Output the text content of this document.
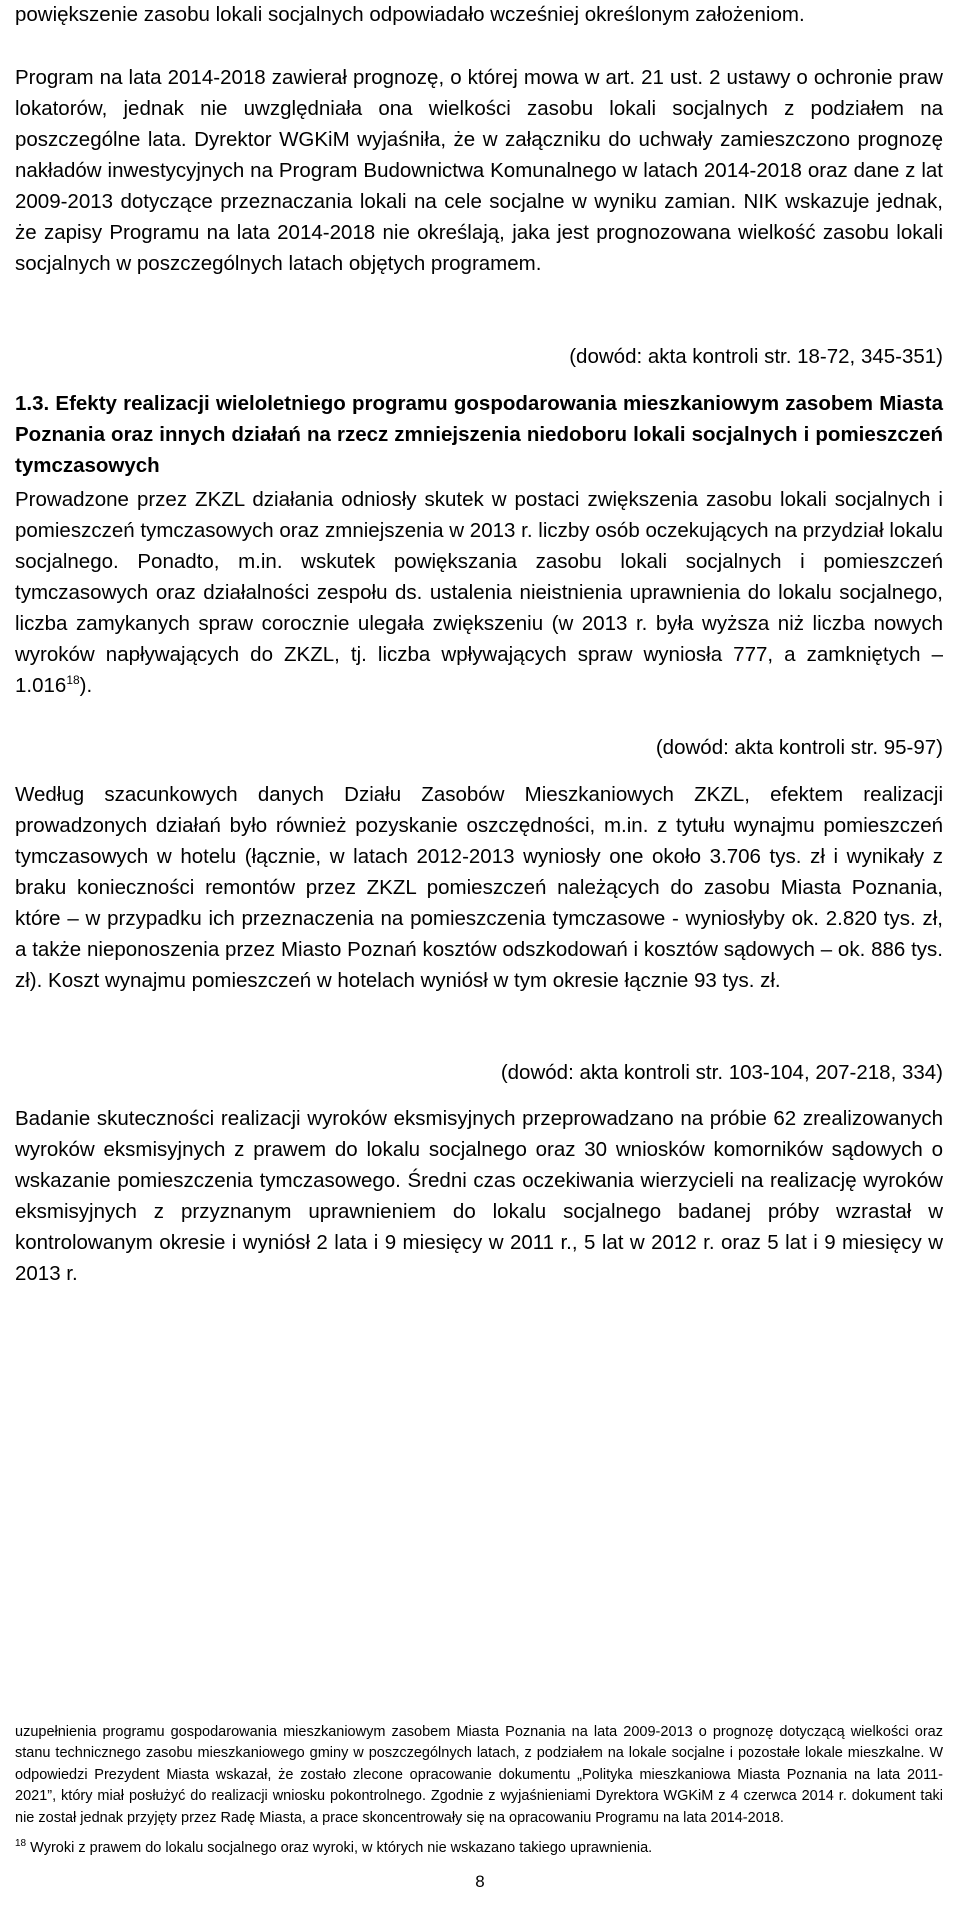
powiększenie zasobu lokali socjalnych odpowiadało wcześniej określonym założeniom.

Program na lata 2014-2018 zawierał prognozę, o której mowa w art. 21 ust. 2 ustawy o ochronie praw lokatorów, jednak nie uwzględniała ona wielkości zasobu lokali socjalnych z podziałem na poszczególne lata. Dyrektor WGKiM wyjaśniła, że w załączniku do uchwały zamieszczono prognozę nakładów inwestycyjnych na Program Budownictwa Komunalnego w latach 2014-2018 oraz dane z lat 2009-2013 dotyczące przeznaczania lokali na cele socjalne w wyniku zamian. NIK wskazuje jednak, że zapisy Programu na lata 2014-2018 nie określają, jaka jest prognozowana wielkość zasobu lokali socjalnych w poszczególnych latach objętych programem.

(dowód: akta kontroli str. 18-72, 345-351)

1.3. Efekty realizacji wieloletniego programu gospodarowania mieszkaniowym zasobem Miasta Poznania oraz innych działań na rzecz zmniejszenia niedoboru lokali socjalnych i pomieszczeń tymczasowych

Prowadzone przez ZKZL działania odniosły skutek w postaci zwiększenia zasobu lokali socjalnych i pomieszczeń tymczasowych oraz zmniejszenia w 2013 r. liczby osób oczekujących na przydział lokalu socjalnego. Ponadto, m.in. wskutek powiększania zasobu lokali socjalnych i pomieszczeń tymczasowych oraz działalności zespołu ds. ustalenia nieistnienia uprawnienia do lokalu socjalnego, liczba zamykanych spraw corocznie ulegała zwiększeniu (w 2013 r. była wyższa niż liczba nowych wyroków napływających do ZKZL, tj. liczba wpływających spraw wyniosła 777, a zamkniętych – 1.016$^{18}$).

(dowód: akta kontroli str. 95-97)

Według szacunkowych danych Działu Zasobów Mieszkaniowych ZKZL, efektem realizacji prowadzonych działań było również pozyskanie oszczędności, m.in. z tytułu wynajmu pomieszczeń tymczasowych w hotelu (łącznie, w latach 2012-2013 wyniosły one około 3.706 tys. zł i wynikały z braku konieczności remontów przez ZKZL pomieszczeń należących do zasobu Miasta Poznania, które – w przypadku ich przeznaczenia na pomieszczenia tymczasowe - wyniosłyby ok. 2.820 tys. zł, a także nieponoszenia przez Miasto Poznań kosztów odszkodowań i kosztów sądowych – ok. 886 tys. zł). Koszt wynajmu pomieszczeń w hotelach wyniósł w tym okresie łącznie 93 tys. zł.

(dowód: akta kontroli str. 103-104, 207-218, 334)

Badanie skuteczności realizacji wyroków eksmisyjnych przeprowadzano na próbie 62 zrealizowanych wyroków eksmisyjnych z prawem do lokalu socjalnego oraz 30 wniosków komorników sądowych o wskazanie pomieszczenia tymczasowego. Średni czas oczekiwania wierzycieli na realizację wyroków eksmisyjnych z przyznanym uprawnieniem do lokalu socjalnego badanej próby wzrastał w kontrolowanym okresie i wyniósł 2 lata i 9 miesięcy w 2011 r., 5 lat w 2012 r. oraz 5 lat i 9 miesięcy w 2013 r.

uzupełnienia programu gospodarowania mieszkaniowym zasobem Miasta Poznania na lata 2009-2013 o prognozę dotyczącą wielkości oraz stanu technicznego zasobu mieszkaniowego gminy w poszczególnych latach, z podziałem na lokale socjalne i pozostałe lokale mieszkalne. W odpowiedzi Prezydent Miasta wskazał, że zostało zlecone opracowanie dokumentu „Polityka mieszkaniowa Miasta Poznania na lata 2011-2021”, który miał posłużyć do realizacji wniosku pokontrolnego. Zgodnie z wyjaśnieniami Dyrektora WGKiM z 4 czerwca 2014 r. dokument taki nie został jednak przyjęty przez Radę Miasta, a prace skoncentrowały się na opracowaniu Programu na lata 2014-2018.

$^{18}$ Wyroki z prawem do lokalu socjalnego oraz wyroki, w których nie wskazano takiego uprawnienia.

8
